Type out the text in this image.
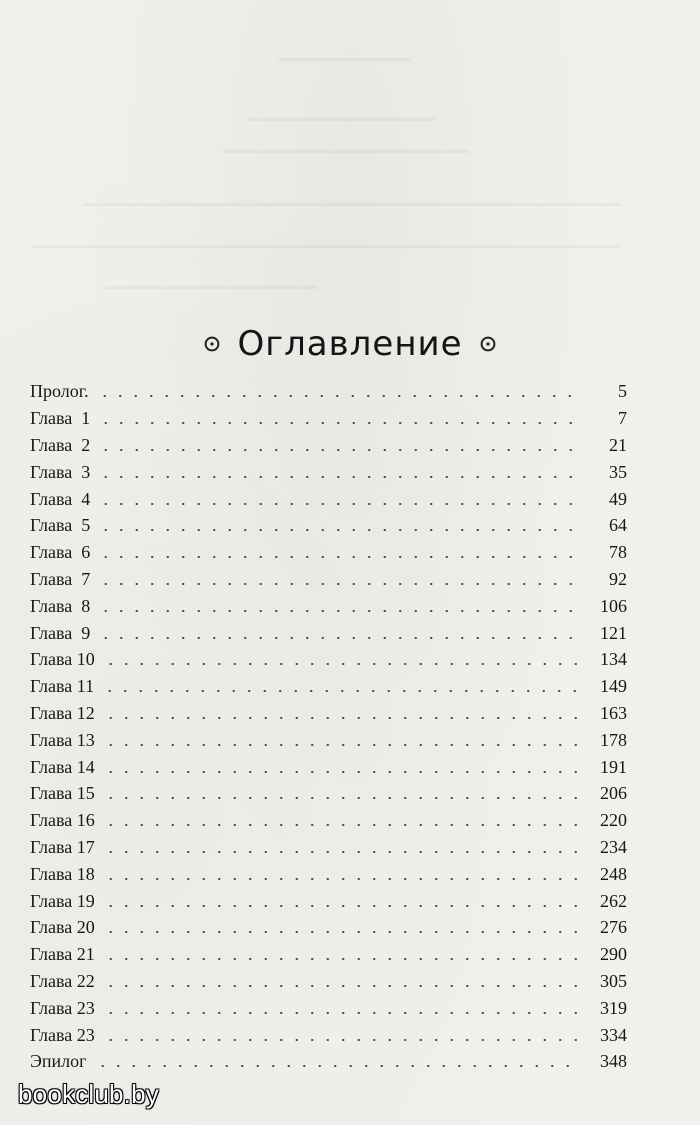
Оглавление
Пролог.	5
Глава  1	7
Глава  2	21
Глава  3	35
Глава  4	49
Глава  5	64
Глава  6	78
Глава  7	92
Глава  8	106
Глава  9	121
Глава 10	134
Глава 11	149
Глава 12	163
Глава 13	178
Глава 14	191
Глава 15	206
Глава 16	220
Глава 17	234
Глава 18	248
Глава 19	262
Глава 20	276
Глава 21	290
Глава 22	305
Глава 23	319
Глава 23	334
Эпилог	348
bookclub.by
